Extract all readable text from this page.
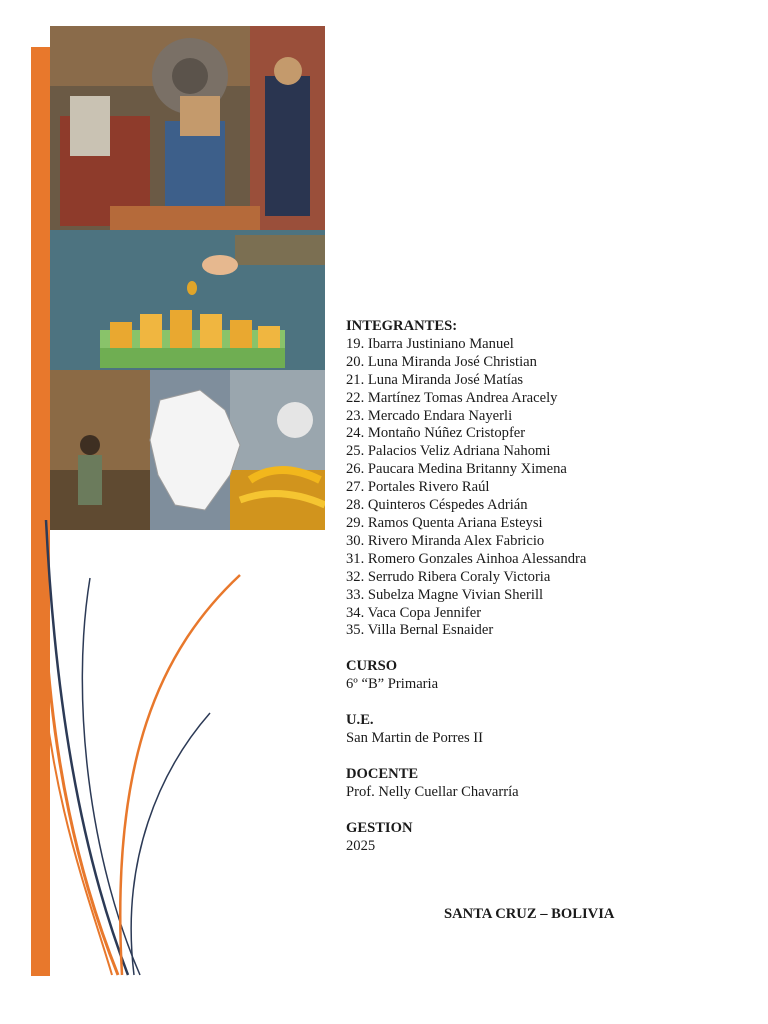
INTEGRANTES:
19. Ibarra Justiniano Manuel
20. Luna Miranda José Christian
21. Luna Miranda José Matías
22. Martínez Tomas Andrea Aracely
23. Mercado Endara Nayerli
24. Montaño Núñez Cristopfer
25. Palacios Veliz Adriana Nahomi
26. Paucara Medina Britanny Ximena
27. Portales Rivero Raúl
28. Quinteros Céspedes Adrián
29. Ramos Quenta Ariana Esteysi
30. Rivero Miranda Alex Fabricio
31. Romero Gonzales Ainhoa Alessandra
32. Serrudo Ribera Coraly Victoria
33. Subelza Magne Vivian Sherill
34. Vaca Copa Jennifer
35. Villa Bernal Esnaider
CURSO
6º “B” Primaria
U.E.
San Martin de Porres II
DOCENTE
Prof. Nelly Cuellar Chavarría
GESTION
2025
SANTA CRUZ – BOLIVIA
